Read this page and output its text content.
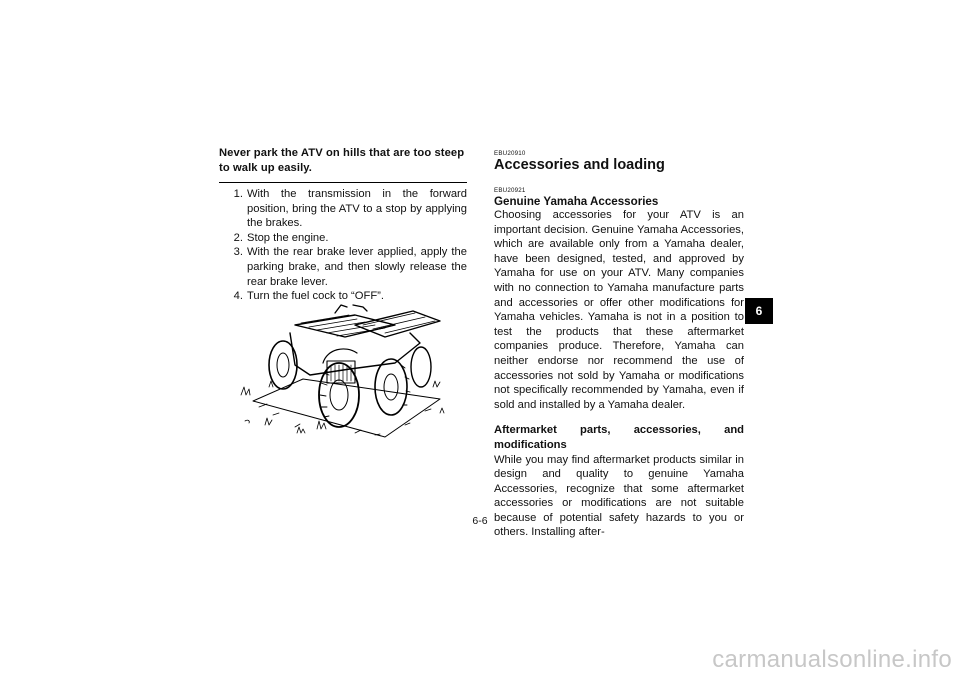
Never park the ATV on hills that are too steep to walk up easily.
1. With the transmission in the forward position, bring the ATV to a stop by applying the brakes.
2. Stop the engine.
3. With the rear brake lever applied, apply the parking brake, and then slowly release the rear brake lever.
4. Turn the fuel cock to “OFF”.
EBU20910
Accessories and loading
EBU20921
Genuine Yamaha Accessories

Choosing accessories for your ATV is an important decision. Genuine Yamaha Accessories, which are available only from a Yamaha dealer, have been designed, tested, and approved by Yamaha for use on your ATV. Many companies with no connection to Yamaha manufacture parts and accessories or offer other modifications for Yamaha vehicles. Yamaha is not in a position to test the products that these aftermarket companies produce. Therefore, Yamaha can neither endorse nor recommend the use of accessories not sold by Yamaha or modifications not specifically recommended by Yamaha, even if sold and installed by a Yamaha dealer.

Aftermarket parts, accessories, and modifications

While you may find aftermarket products similar in design and quality to genuine Yamaha Accessories, recognize that some aftermarket accessories or modifications are not suitable because of potential safety hazards to you or others. Installing after-

6-6
6
carmanualsonline.info
